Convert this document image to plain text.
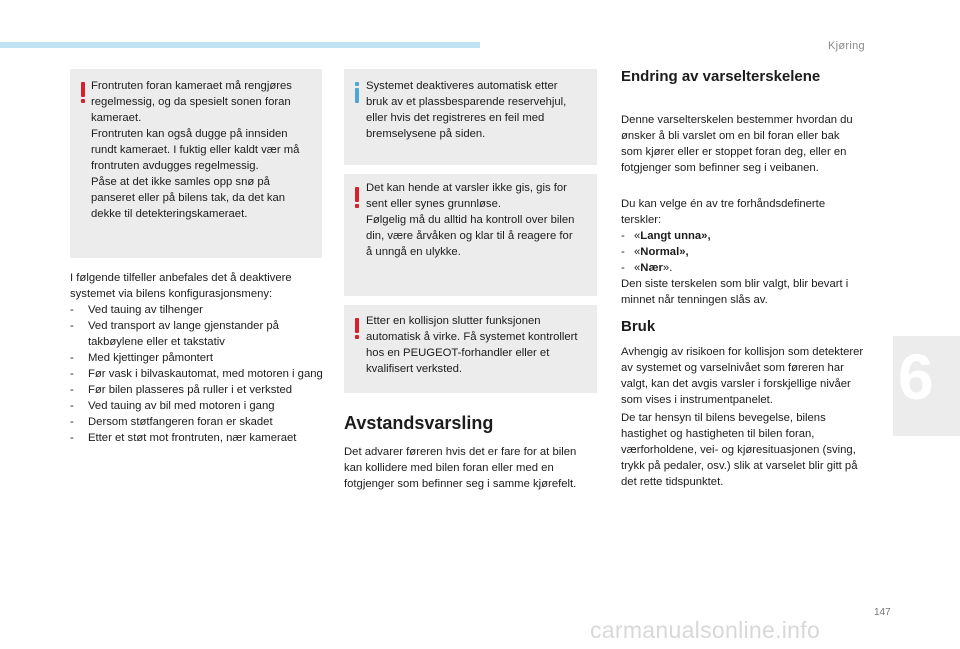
Kjøring
6

Frontruten foran kameraet må rengjøres

regelmessig, og da spesielt sonen foran

kameraet.

Frontruten kan også dugge på innsiden

rundt kameraet. I fuktig eller kaldt vær må

frontruten avdugges regelmessig.

Påse at det ikke samles opp snø på

panseret eller på bilens tak, da det kan

dekke til detekteringskameraet.

I følgende tilfeller anbefales det å deaktivere
systemet via bilens konfigurasjonsmeny:
- Ved tauing av tilhenger
- Ved transport av lange gjenstander på takbøylene eller et takstativ
- Med kjettinger påmontert
- Før vask i bilvaskautomat, med motoren i gang
- Før bilen plasseres på ruller i et verksted
- Ved tauing av bil med motoren i gang
- Dersom støtfangeren foran er skadet
- Etter et støt mot frontruten, nær kameraet

Systemet deaktiveres automatisk etter

bruk av et plassbesparende reservehjul,

eller hvis det registreres en feil med

bremselysene på siden.

Det kan hende at varsler ikke gis, gis for

sent eller synes grunnløse.

Følgelig må du alltid ha kontroll over bilen

din, være årvåken og klar til å reagere for

å unngå en ulykke.

Etter en kollisjon slutter funksjonen

automatisk å virke. Få systemet kontrollert

hos en PEUGEOT-forhandler eller et

kvalifisert verksted.

Avstandsvarsling
Det advarer føreren hvis det er fare for at bilen
kan kollidere med bilen foran eller med en
fotgjenger som befinner seg i samme kjørefelt.
Endring av varselterskelene
Denne varselterskelen bestemmer hvordan du
ønsker å bli varslet om en bil foran eller bak
som kjører eller er stoppet foran deg, eller en
fotgjenger som befinner seg i veibanen.
Du kan velge én av tre forhåndsdefinerte
terskler:
- «Langt unna»,
- «Normal»,
- «Nær».
Den siste terskelen som blir valgt, blir bevart i
minnet når tenningen slås av.
Bruk
Avhengig av risikoen for kollisjon som detekterer
av systemet og varselnivået som føreren har
valgt, kan det avgis varsler i forskjellige nivåer
som vises i instrumentpanelet.
De tar hensyn til bilens bevegelse, bilens
hastighet og hastigheten til bilen foran,
værforholdene, vei- og kjøresituasjonen (sving,
trykk på pedaler, osv.) slik at varselet blir gitt på
det rette tidspunktet.
147
carmanualsonline.info
